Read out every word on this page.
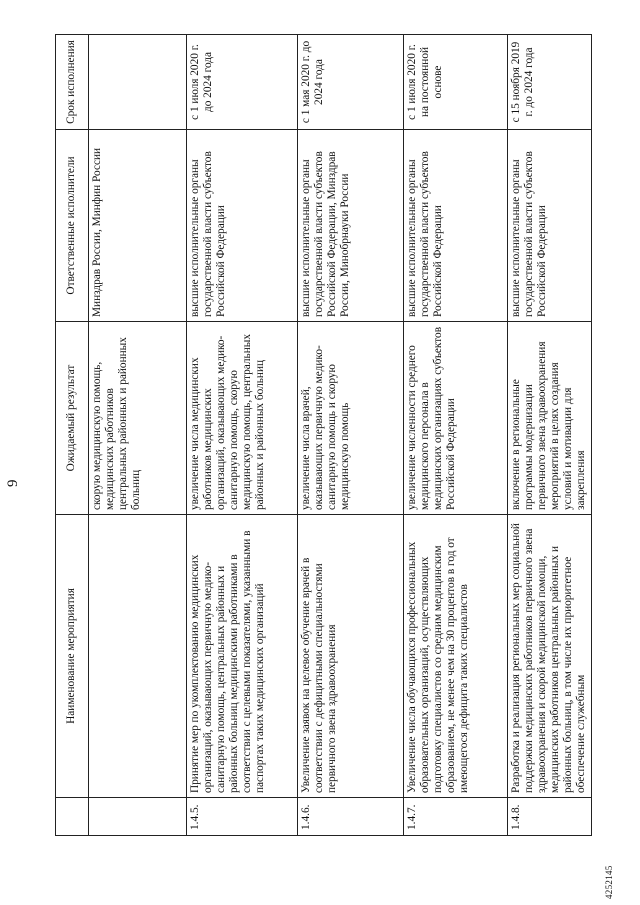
9
	Наименование мероприятия	Ожидаемый результат	Ответственные исполнители	Срок исполнения
		скорую медицинскую помощь, медицинских работников центральных районных и районных больниц	Минздрав России, Минфин России	
1.4.5.	Принятие мер по укомплектованию медицинских организаций, оказывающих первичную медико-санитарную помощь, центральных районных и районных больниц медицинскими работниками в соответствии с целевыми показателями, указанными в паспортах таких медицинских организаций	увеличение числа медицинских работников медицинских организаций, оказывающих медико-санитарную помощь, скорую медицинскую помощь, центральных районных и районных больниц	высшие исполнительные органы государственной власти субъектов Российской Федерации	с 1 июля 2020 г. до 2024 года
1.4.6.	Увеличение заявок на целевое обучение врачей в соответствии с дефицитными специальностями первичного звена здравоохранения	увеличение числа врачей, оказывающих первичную медико-санитарную помощь и скорую медицинскую помощь	высшие исполнительные органы государственной власти субъектов Российской Федерации, Минздрав России, Минобрнауки России	с 1 мая 2020 г. до 2024 года
1.4.7.	Увеличение числа обучающихся профессиональных образовательных организаций, осуществляющих подготовку специалистов со средним медицинским образованием, не менее чем на 30 процентов в год от имеющегося дефицита таких специалистов	увеличение численности среднего медицинского персонала в медицинских организациях субъектов Российской Федерации	высшие исполнительные органы государственной власти субъектов Российской Федерации	с 1 июля 2020 г. на постоянной основе
1.4.8.	Разработка и реализация региональных мер социальной поддержки медицинских работников первичного звена здравоохранения и скорой медицинской помощи, медицинских работников центральных районных и районных больниц, в том числе их приоритетное обеспечение служебным	включение в региональные программы модернизации первичного звена здравоохранения мероприятий в целях создания условий и мотивации для закрепления	высшие исполнительные органы государственной власти субъектов Российской Федерации	с 15 ноября 2019 г. до 2024 года
4252145
